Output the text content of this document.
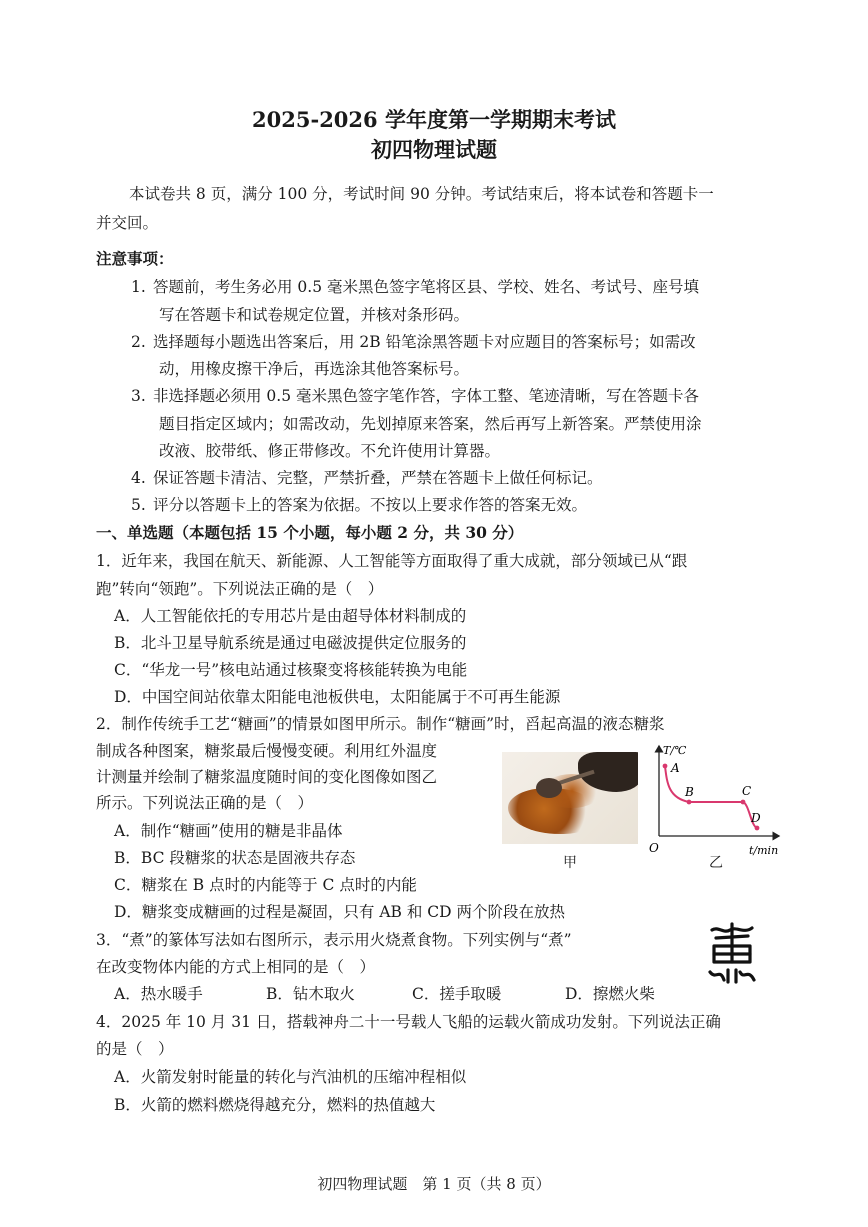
2025-2026 学年度第一学期期末考试
初四物理试题
本试卷共 8 页，满分 100 分，考试时间 90 分钟。考试结束后，将本试卷和答题卡一
并交回。
注意事项：
1. 答题前，考生务必用 0.5 毫米黑色签字笔将区县、学校、姓名、考试号、座号填
写在答题卡和试卷规定位置，并核对条形码。
2. 选择题每小题选出答案后，用 2B 铅笔涂黑答题卡对应题目的答案标号；如需改
动，用橡皮擦干净后，再选涂其他答案标号。
3. 非选择题必须用 0.5 毫米黑色签字笔作答，字体工整、笔迹清晰，写在答题卡各
题目指定区域内；如需改动，先划掉原来答案，然后再写上新答案。严禁使用涂
改液、胶带纸、修正带修改。不允许使用计算器。
4. 保证答题卡清洁、完整，严禁折叠，严禁在答题卡上做任何标记。
5. 评分以答题卡上的答案为依据。不按以上要求作答的答案无效。
一、单选题（本题包括 15 个小题，每小题 2 分，共 30 分）
1．近年来，我国在航天、新能源、人工智能等方面取得了重大成就，部分领域已从“跟
跑”转向“领跑”。下列说法正确的是（　）
A．人工智能依托的专用芯片是由超导体材料制成的
B．北斗卫星导航系统是通过电磁波提供定位服务的
C．“华龙一号”核电站通过核聚变将核能转换为电能
D．中国空间站依靠太阳能电池板供电，太阳能属于不可再生能源
2．制作传统手工艺“糖画”的情景如图甲所示。制作“糖画”时，舀起高温的液态糖浆
制成各种图案，糖浆最后慢慢变硬。利用红外温度
计测量并绘制了糖浆温度随时间的变化图像如图乙
所示。下列说法正确的是（　）
A．制作“糖画”使用的糖是非晶体
B．BC 段糖浆的状态是固液共存态
C．糖浆在 B 点时的内能等于 C 点时的内能
D．糖浆变成糖画的过程是凝固，只有 AB 和 CD 两个阶段在放热
甲
T/℃
t/min
O
A
B	C
D
乙
3．“煮”的篆体写法如右图所示，表示用火烧煮食物。下列实例与“煮”
在改变物体内能的方式上相同的是（　）
A．热水暖手	B．钻木取火	C．搓手取暖	D．擦燃火柴
4．2025 年 10 月 31 日，搭载神舟二十一号载人飞船的运载火箭成功发射。下列说法正确
的是（　）
A．火箭发射时能量的转化与汽油机的压缩冲程相似
B．火箭的燃料燃烧得越充分，燃料的热值越大
初四物理试题　第 1 页（共 8 页）
